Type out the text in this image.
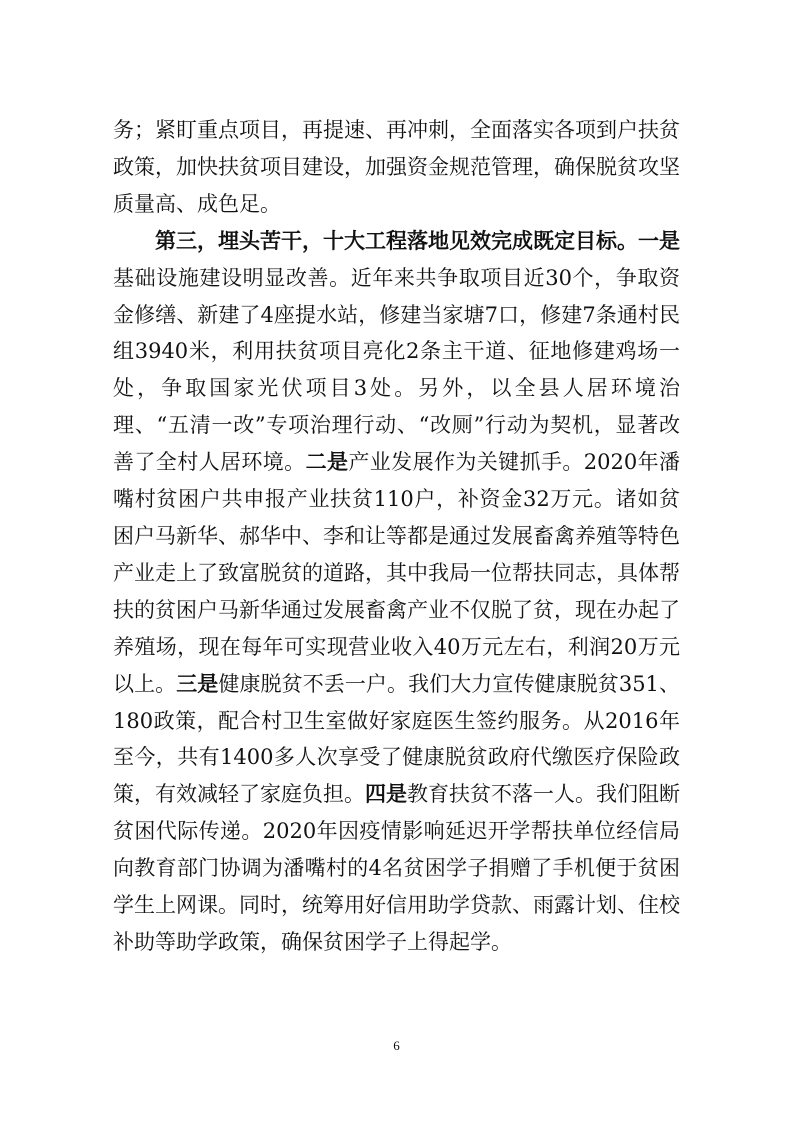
务；紧盯重点项目，再提速、再冲刺，全面落实各项到户扶贫政策，加快扶贫项目建设，加强资金规范管理，确保脱贫攻坚质量高、成色足。

第三，埋头苦干，十大工程落地见效完成既定目标。一是基础设施建设明显改善。近年来共争取项目近30个，争取资金修缮、新建了4座提水站，修建当家塘7口，修建7条通村民组3940米，利用扶贫项目亮化2条主干道、征地修建鸡场一处，争取国家光伏项目3处。另外，以全县人居环境治理、“五清一改”专项治理行动、“改厕”行动为契机，显著改善了全村人居环境。二是产业发展作为关键抓手。2020年潘嘴村贫困户共申报产业扶贫110户，补资金32万元。诸如贫困户马新华、郝华中、李和让等都是通过发展畜禽养殖等特色产业走上了致富脱贫的道路，其中我局一位帮扶同志，具体帮扶的贫困户马新华通过发展畜禽产业不仅脱了贫，现在办起了养殖场，现在每年可实现营业收入40万元左右，利润20万元以上。三是健康脱贫不丢一户。我们大力宣传健康脱贫351、180政策，配合村卫生室做好家庭医生签约服务。从2016年至今，共有1400多人次享受了健康脱贫政府代缴医疗保险政策，有效减轻了家庭负担。四是教育扶贫不落一人。我们阻断贫困代际传递。2020年因疫情影响延迟开学帮扶单位经信局向教育部门协调为潘嘴村的4名贫困学子捐赠了手机便于贫困学生上网课。同时，统筹用好信用助学贷款、雨露计划、住校补助等助学政策，确保贫困学子上得起学。

6
